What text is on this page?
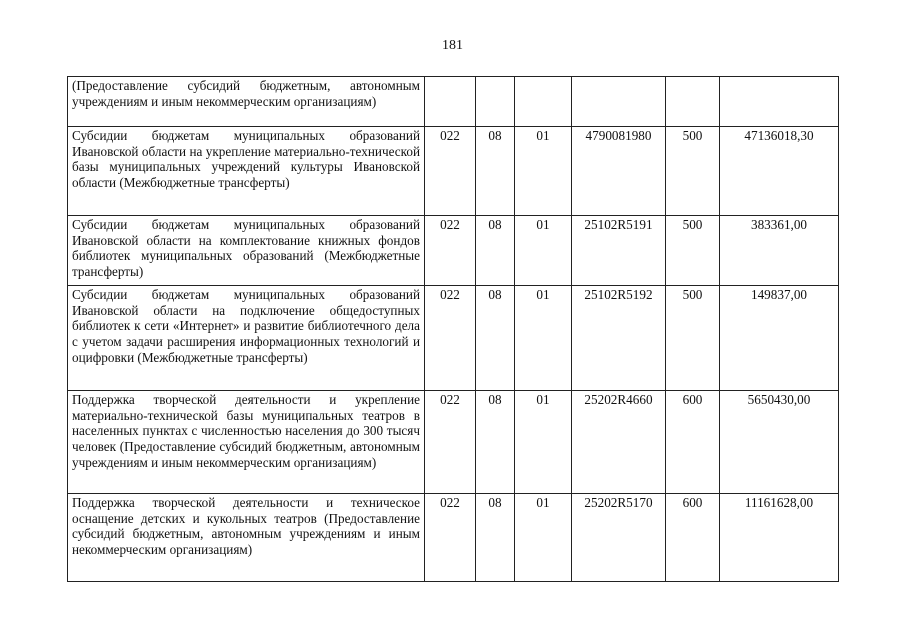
181
(Предоставление субсидий бюджетным, автономным учреждениям и иным некоммерческим организациям)						
Субсидии бюджетам муниципальных образований Ивановской области на укрепление материально-технической базы муниципальных учреждений культуры Ивановской области (Межбюджетные трансферты)	022	08	01	4790081980	500	47136018,30
Субсидии бюджетам муниципальных образований Ивановской области на комплектование книжных фондов библиотек муниципальных образований (Межбюджетные трансферты)	022	08	01	25102R5191	500	383361,00
Субсидии бюджетам муниципальных образований Ивановской области на подключение общедоступных библиотек к сети «Интернет» и развитие библиотечного дела с учетом задачи расширения информационных технологий и оцифровки (Межбюджетные трансферты)	022	08	01	25102R5192	500	149837,00
Поддержка творческой деятельности и укрепление материально-технической базы муниципальных театров в населенных пунктах с численностью населения до 300 тысяч человек (Предоставление субсидий бюджетным, автономным учреждениям и иным некоммерческим организациям)	022	08	01	25202R4660	600	5650430,00
Поддержка творческой деятельности и техническое оснащение детских и кукольных театров (Предоставление субсидий бюджетным, автономным учреждениям и иным некоммерческим организациям)	022	08	01	25202R5170	600	11161628,00
